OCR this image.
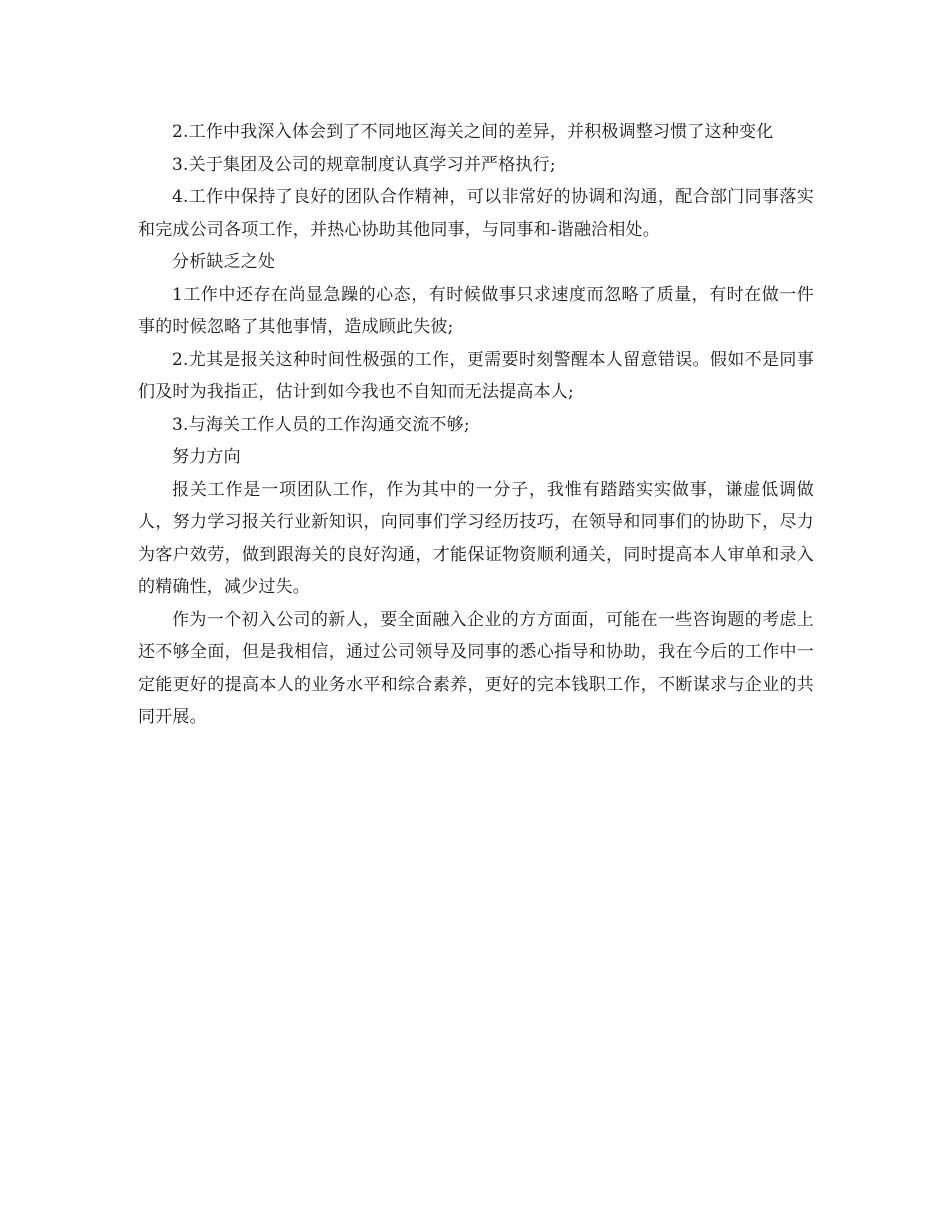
2.工作中我深入体会到了不同地区海关之间的差异，并积极调整习惯了这种变化

3.关于集团及公司的规章制度认真学习并严格执行;

4.工作中保持了良好的团队合作精神，可以非常好的协调和沟通，配合部门同事落实和完成公司各项工作，并热心协助其他同事，与同事和-谐融洽相处。

分析缺乏之处

1工作中还存在尚显急躁的心态，有时候做事只求速度而忽略了质量，有时在做一件事的时候忽略了其他事情，造成顾此失彼;

2.尤其是报关这种时间性极强的工作，更需要时刻警醒本人留意错误。假如不是同事们及时为我指正，估计到如今我也不自知而无法提高本人;

3.与海关工作人员的工作沟通交流不够;

努力方向

报关工作是一项团队工作，作为其中的一分子，我惟有踏踏实实做事，谦虚低调做人，努力学习报关行业新知识，向同事们学习经历技巧，在领导和同事们的协助下，尽力为客户效劳，做到跟海关的良好沟通，才能保证物资顺利通关，同时提高本人审单和录入的精确性，减少过失。

作为一个初入公司的新人，要全面融入企业的方方面面，可能在一些咨询题的考虑上还不够全面，但是我相信，通过公司领导及同事的悉心指导和协助，我在今后的工作中一定能更好的提高本人的业务水平和综合素养，更好的完本钱职工作，不断谋求与企业的共同开展。
